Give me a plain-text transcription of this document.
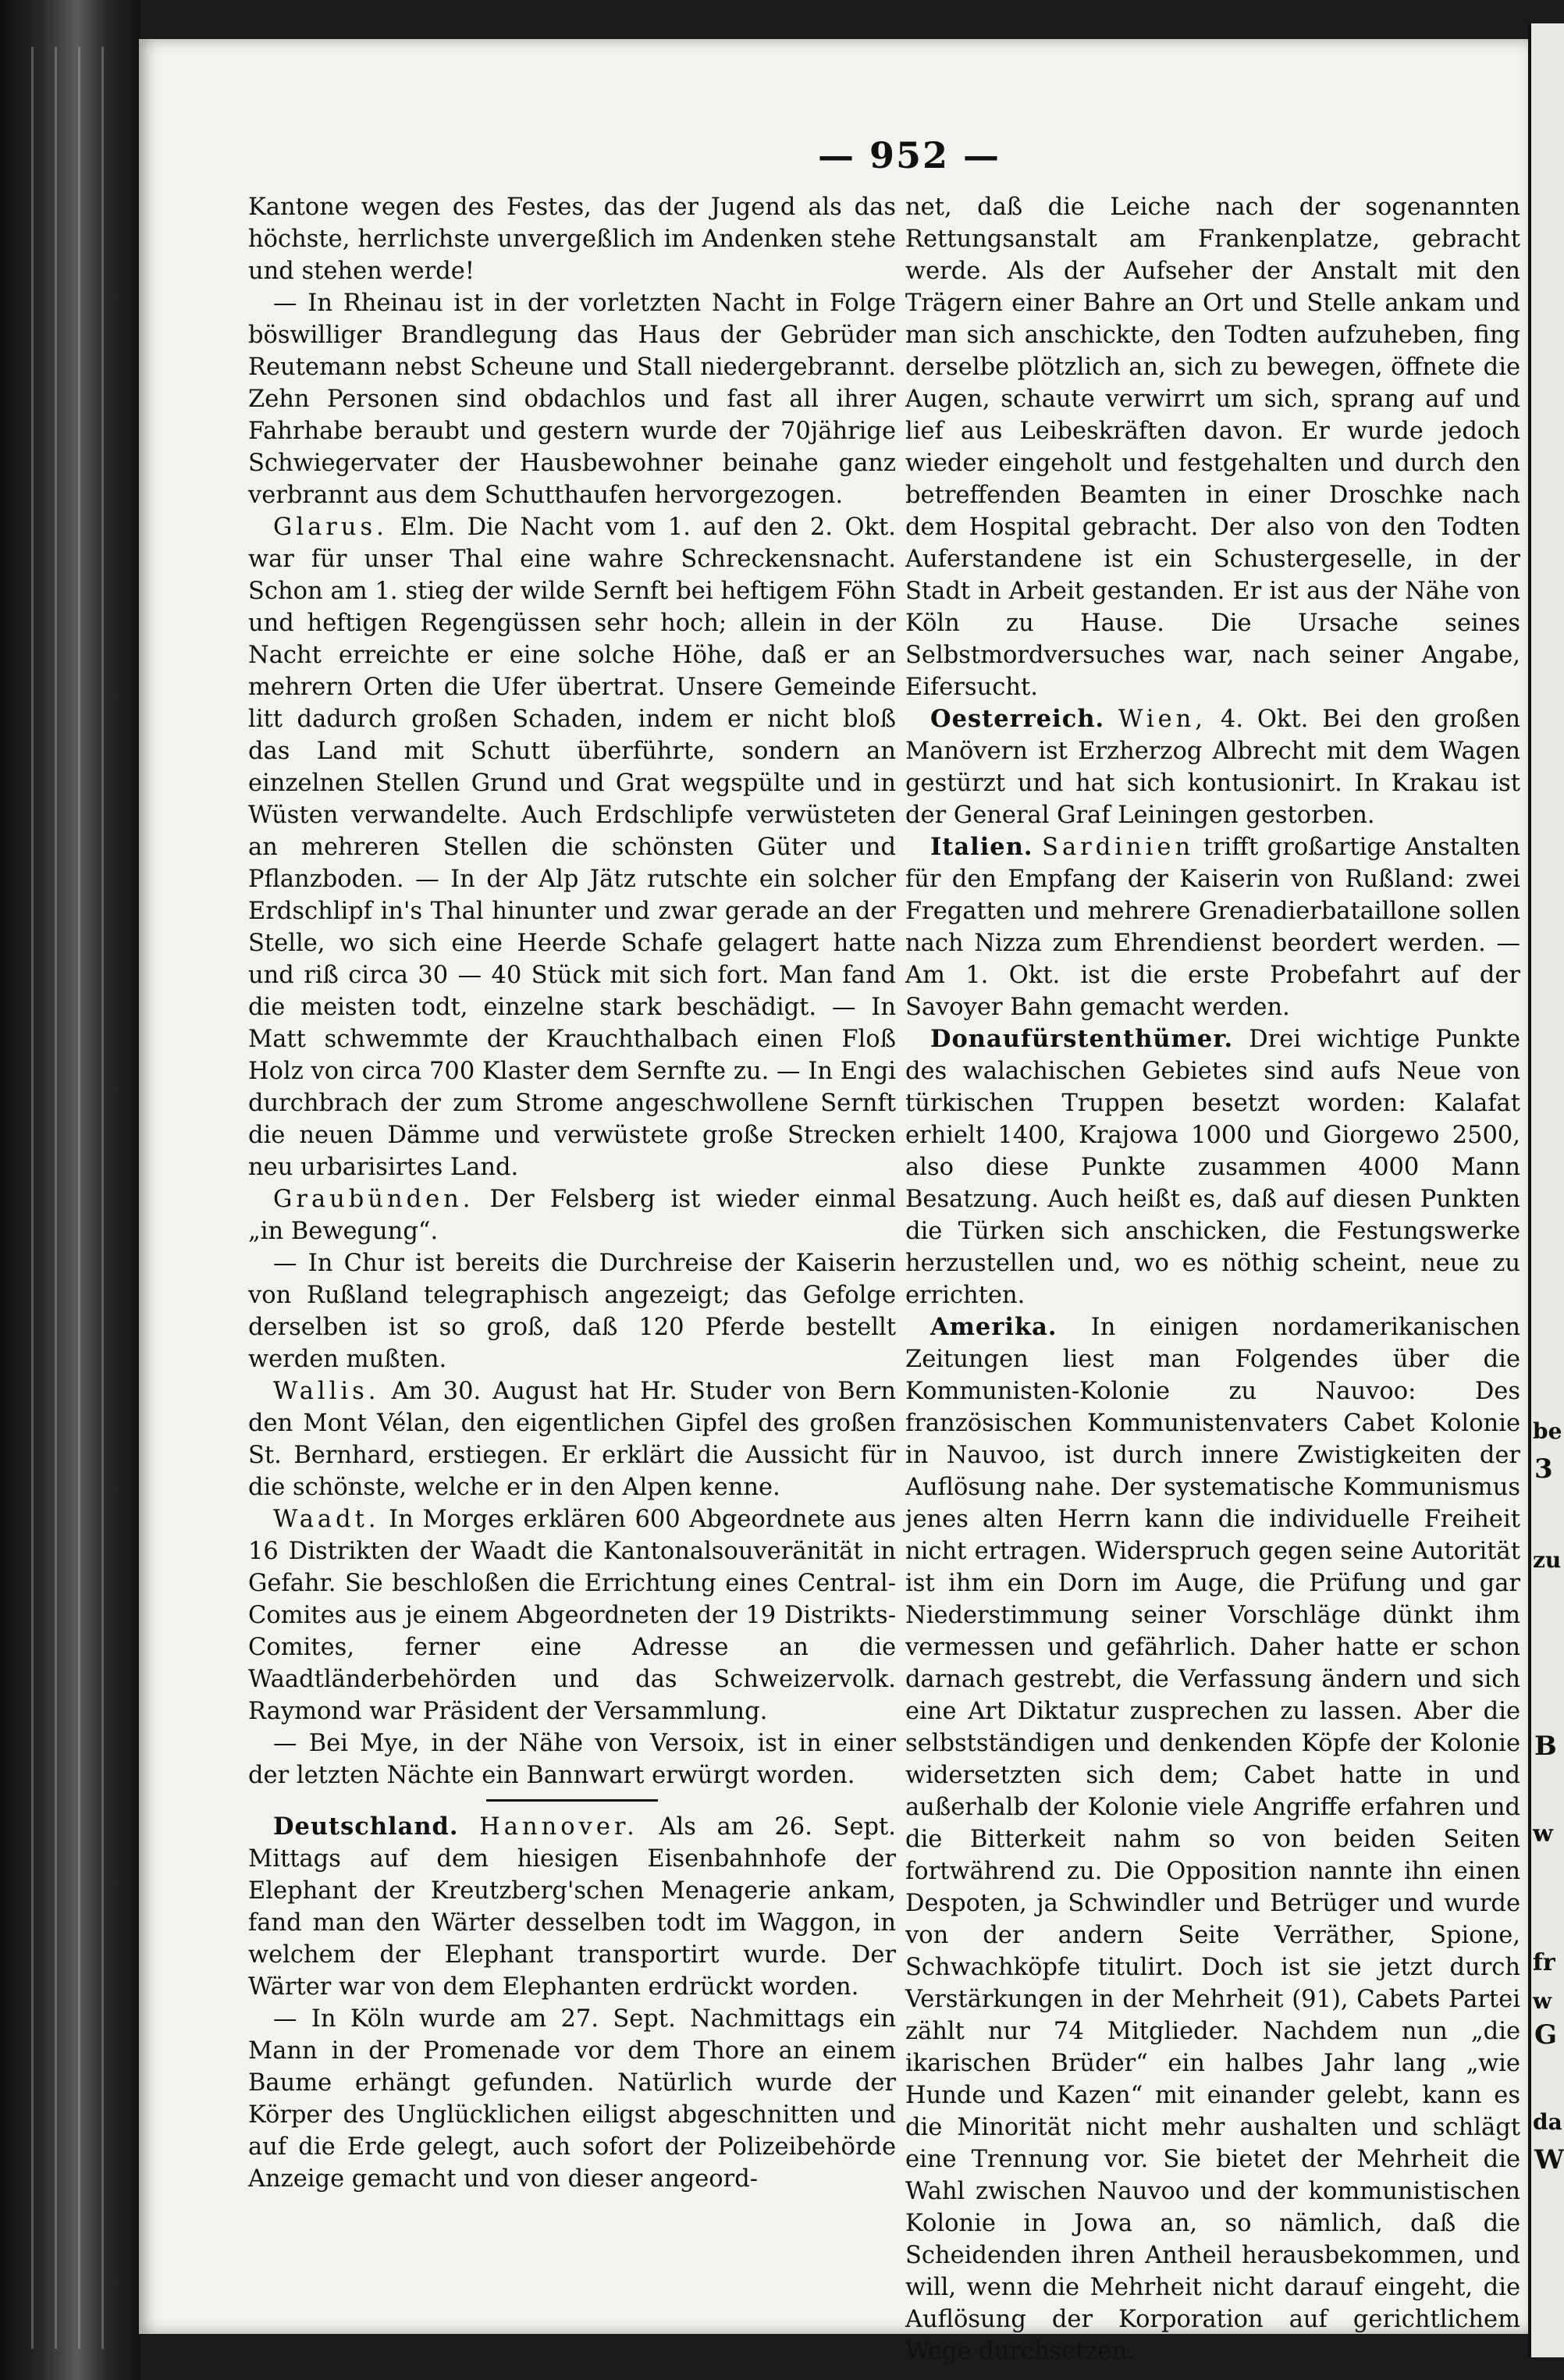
be
3
zu
B
w
fr
w
G
da
W
— 952 —

Kantone wegen des Festes, das der Jugend als das höchste, herrlichste unvergeßlich im Andenken stehe und stehen werde!

— In Rheinau ist in der vorletzten Nacht in Folge böswilliger Brandlegung das Haus der Gebrüder Reutemann nebst Scheune und Stall niedergebrannt. Zehn Personen sind obdachlos und fast all ihrer Fahrhabe beraubt und gestern wurde der 70jährige Schwiegervater der Hausbewohner beinahe ganz verbrannt aus dem Schutthaufen hervorgezogen.

Glarus. Elm. Die Nacht vom 1. auf den 2. Okt. war für unser Thal eine wahre Schreckensnacht. Schon am 1. stieg der wilde Sernft bei heftigem Föhn und heftigen Regengüssen sehr hoch; allein in der Nacht erreichte er eine solche Höhe, daß er an mehrern Orten die Ufer übertrat. Unsere Gemeinde litt dadurch großen Schaden, indem er nicht bloß das Land mit Schutt überführte, sondern an einzelnen Stellen Grund und Grat wegspülte und in Wüsten verwandelte. Auch Erdschlipfe verwüsteten an mehreren Stellen die schönsten Güter und Pflanzboden. — In der Alp Jätz rutschte ein solcher Erdschlipf in's Thal hinunter und zwar gerade an der Stelle, wo sich eine Heerde Schafe gelagert hatte und riß circa 30 — 40 Stück mit sich fort. Man fand die meisten todt, einzelne stark beschädigt. — In Matt schwemmte der Krauchthalbach einen Floß Holz von circa 700 Klaster dem Sernfte zu. — In Engi durchbrach der zum Strome angeschwollene Sernft die neuen Dämme und verwüstete große Strecken neu urbarisirtes Land.

Graubünden. Der Felsberg ist wieder einmal „in Bewegung“.

— In Chur ist bereits die Durchreise der Kaiserin von Rußland telegraphisch angezeigt; das Gefolge derselben ist so groß, daß 120 Pferde bestellt werden mußten.

Wallis. Am 30. August hat Hr. Studer von Bern den Mont Vélan, den eigentlichen Gipfel des großen St. Bernhard, erstiegen. Er erklärt die Aussicht für die schönste, welche er in den Alpen kenne.

Waadt. In Morges erklären 600 Abgeordnete aus 16 Distrikten der Waadt die Kantonalsouveränität in Gefahr. Sie beschloßen die Errichtung eines Central-Comites aus je einem Abgeordneten der 19 Distrikts-Comites, ferner eine Adresse an die Waadtländerbehörden und das Schweizervolk. Raymond war Präsident der Versammlung.

— Bei Mye, in der Nähe von Versoix, ist in einer der letzten Nächte ein Bannwart erwürgt worden.

Deutschland. Hannover. Als am 26. Sept. Mittags auf dem hiesigen Eisenbahnhofe der Elephant der Kreutzberg'schen Menagerie ankam, fand man den Wärter desselben todt im Waggon, in welchem der Elephant transportirt wurde. Der Wärter war von dem Elephanten erdrückt worden.

— In Köln wurde am 27. Sept. Nachmittags ein Mann in der Promenade vor dem Thore an einem Baume erhängt gefunden. Natürlich wurde der Körper des Unglücklichen eiligst abgeschnitten und auf die Erde gelegt, auch sofort der Polizeibehörde Anzeige gemacht und von dieser angeord-

net, daß die Leiche nach der sogenannten Rettungsanstalt am Frankenplatze, gebracht werde. Als der Aufseher der Anstalt mit den Trägern einer Bahre an Ort und Stelle ankam und man sich anschickte, den Todten aufzuheben, fing derselbe plötzlich an, sich zu bewegen, öffnete die Augen, schaute verwirrt um sich, sprang auf und lief aus Leibeskräften davon. Er wurde jedoch wieder eingeholt und festgehalten und durch den betreffenden Beamten in einer Droschke nach dem Hospital gebracht. Der also von den Todten Auferstandene ist ein Schustergeselle, in der Stadt in Arbeit gestanden. Er ist aus der Nähe von Köln zu Hause. Die Ursache seines Selbstmordversuches war, nach seiner Angabe, Eifersucht.

Oesterreich. Wien, 4. Okt. Bei den großen Manövern ist Erzherzog Albrecht mit dem Wagen gestürzt und hat sich kontusionirt. In Krakau ist der General Graf Leiningen gestorben.

Italien. Sardinien trifft großartige Anstalten für den Empfang der Kaiserin von Rußland: zwei Fregatten und mehrere Grenadierbataillone sollen nach Nizza zum Ehrendienst beordert werden. — Am 1. Okt. ist die erste Probefahrt auf der Savoyer Bahn gemacht werden.

Donaufürstenthümer. Drei wichtige Punkte des walachischen Gebietes sind aufs Neue von türkischen Truppen besetzt worden: Kalafat erhielt 1400, Krajowa 1000 und Giorgewo 2500, also diese Punkte zusammen 4000 Mann Besatzung. Auch heißt es, daß auf diesen Punkten die Türken sich anschicken, die Festungswerke herzustellen und, wo es nöthig scheint, neue zu errichten.

Amerika. In einigen nordamerikanischen Zeitungen liest man Folgendes über die Kommunisten-Kolonie zu Nauvoo: Des französischen Kommunistenvaters Cabet Kolonie in Nauvoo, ist durch innere Zwistigkeiten der Auflösung nahe. Der systematische Kommunismus jenes alten Herrn kann die individuelle Freiheit nicht ertragen. Widerspruch gegen seine Autorität ist ihm ein Dorn im Auge, die Prüfung und gar Niederstimmung seiner Vorschläge dünkt ihm vermessen und gefährlich. Daher hatte er schon darnach gestrebt, die Verfassung ändern und sich eine Art Diktatur zusprechen zu lassen. Aber die selbstständigen und denkenden Köpfe der Kolonie widersetzten sich dem; Cabet hatte in und außerhalb der Kolonie viele Angriffe erfahren und die Bitterkeit nahm so von beiden Seiten fortwährend zu. Die Opposition nannte ihn einen Despoten, ja Schwindler und Betrüger und wurde von der andern Seite Verräther, Spione, Schwachköpfe titulirt. Doch ist sie jetzt durch Verstärkungen in der Mehrheit (91), Cabets Partei zählt nur 74 Mitglieder. Nachdem nun „die ikarischen Brüder“ ein halbes Jahr lang „wie Hunde und Kazen“ mit einander gelebt, kann es die Minorität nicht mehr aushalten und schlägt eine Trennung vor. Sie bietet der Mehrheit die Wahl zwischen Nauvoo und der kommunistischen Kolonie in Jowa an, so nämlich, daß die Scheidenden ihren Antheil herausbekommen, und will, wenn die Mehrheit nicht darauf eingeht, die Auflösung der Korporation auf gerichtlichem Wege durchsetzen.
